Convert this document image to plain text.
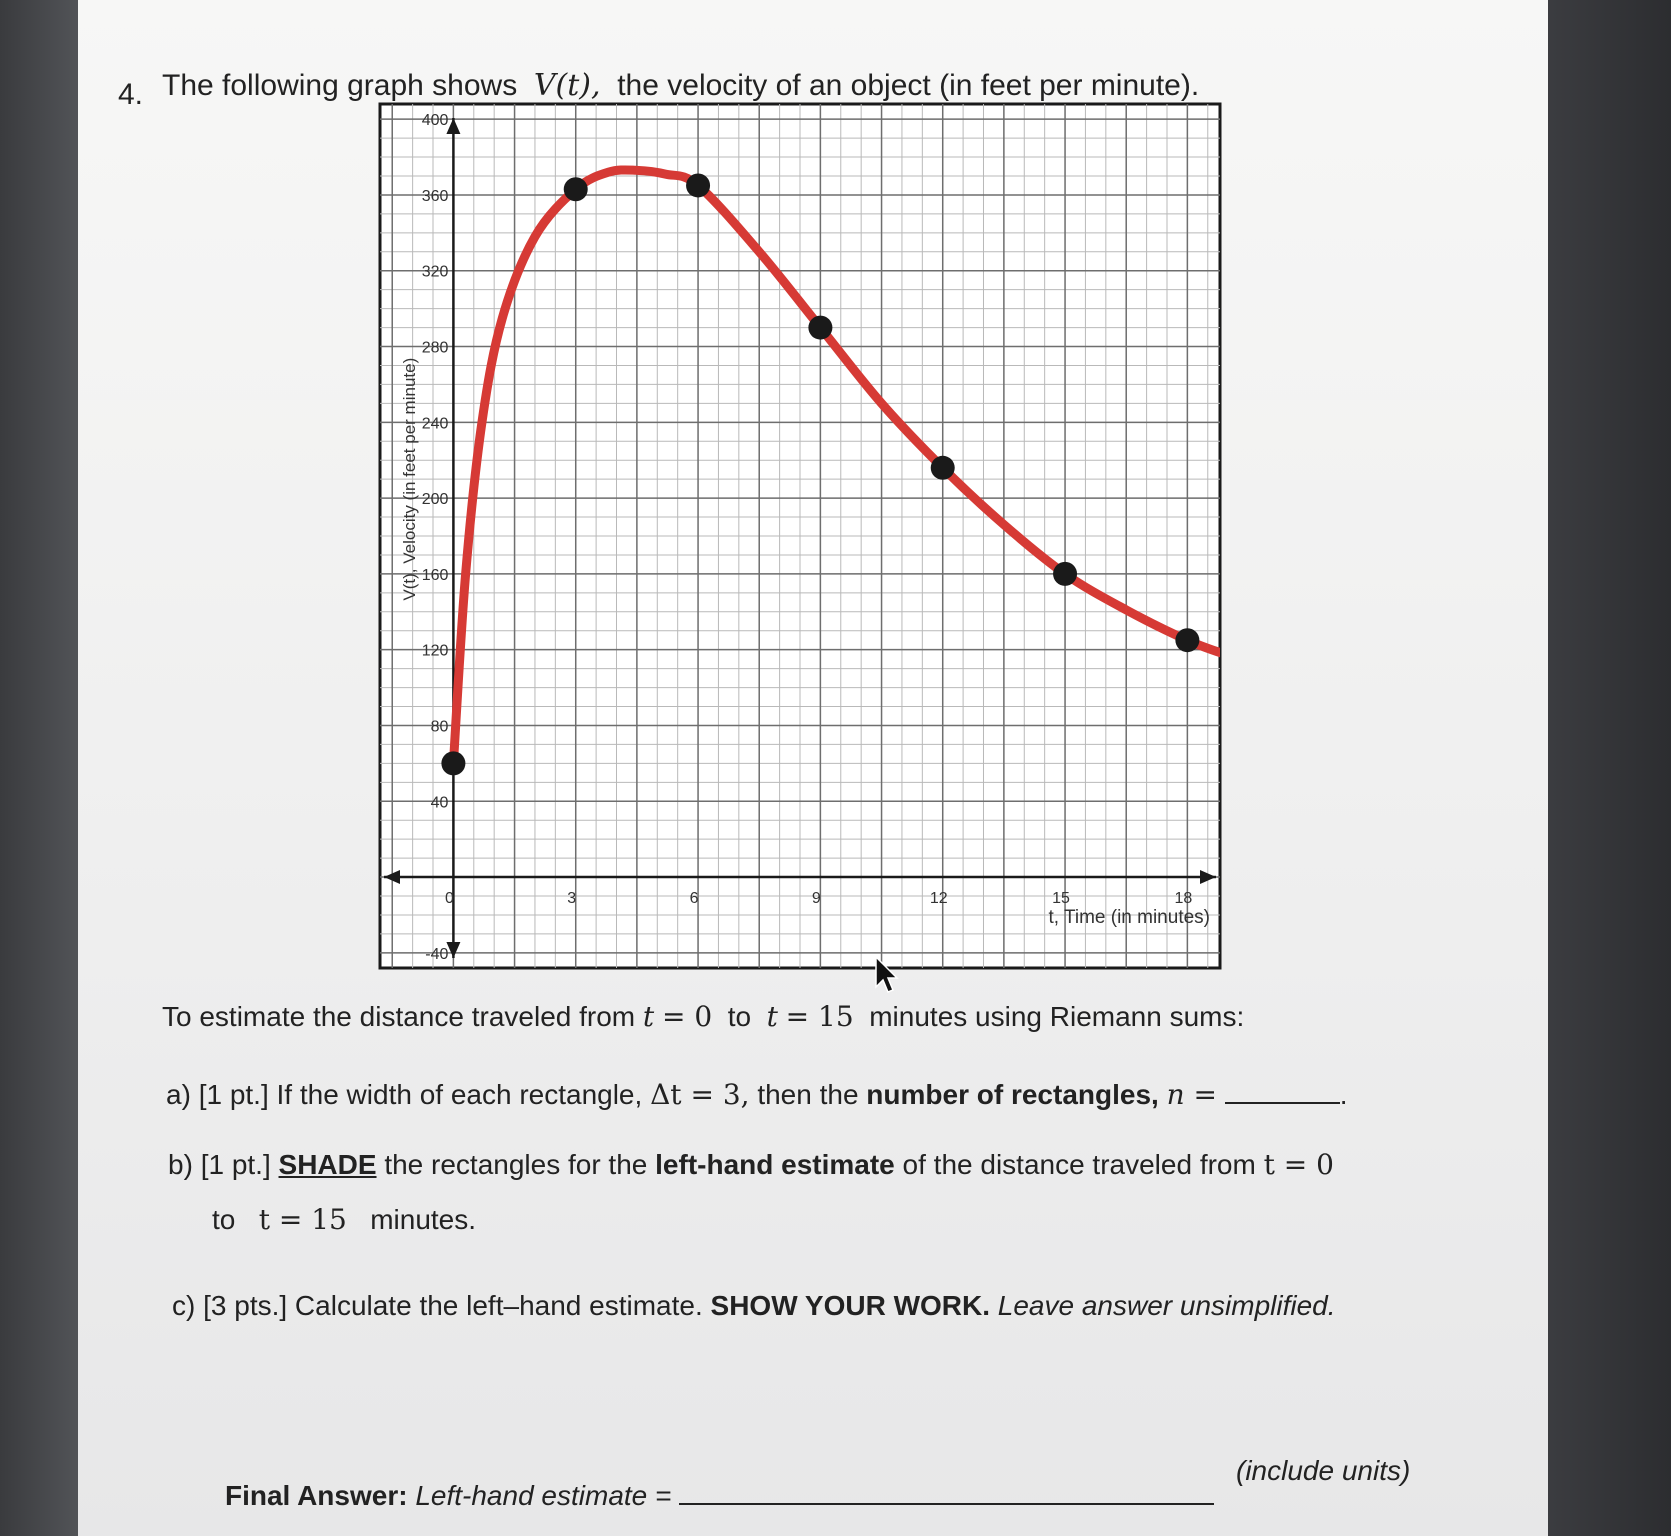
4. The following graph shows V(t), the velocity of an object (in feet per minute).
0	3	6	9	12	15	18
-40
40
80
120
160
200
240
280
320
360
400
V(t), Velocity (in feet per minute)
t, Time (in minutes)
To estimate the distance traveled from t = 0 to t = 15 minutes using Riemann sums:
a) [1 pt.] If the width of each rectangle, Δt = 3, then the number of rectangles, n =	.
b) [1 pt.] SHADE the rectangles for the left-hand estimate of the distance traveled from t = 0
to t = 15 minutes.
c) [3 pts.] Calculate the left–hand estimate. SHOW YOUR WORK. Leave answer unsimplified.
Final Answer: Left-hand estimate =
(include units)
